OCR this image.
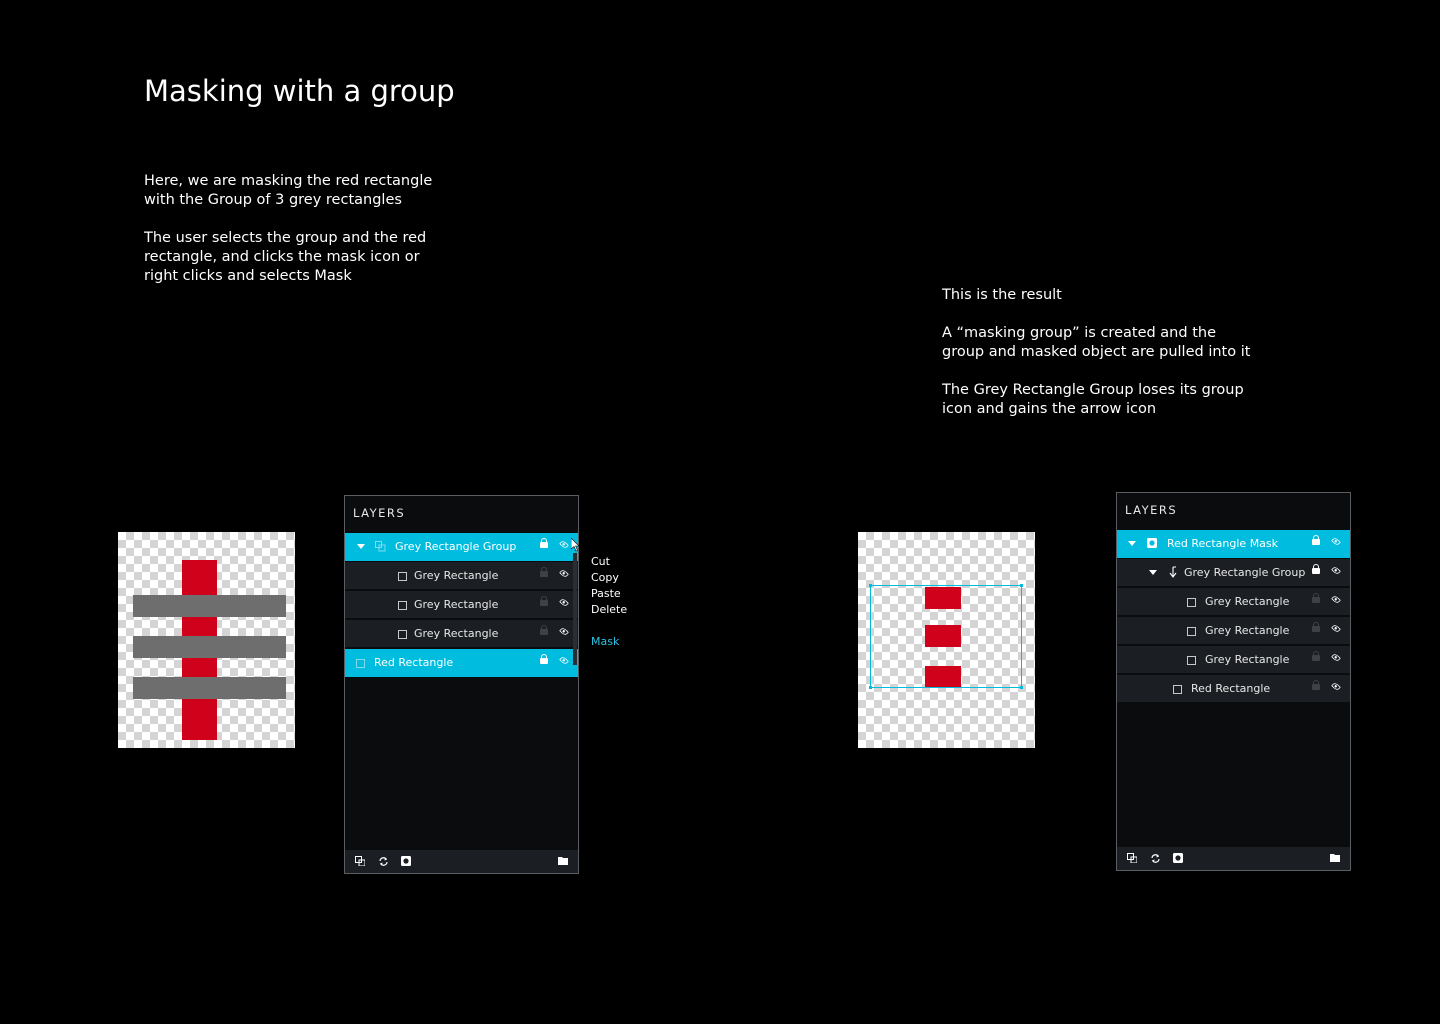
Masking with a group

Here, we are masking the red rectangle with the Group of 3 grey rectangles

The user selects the group and the red rectangle, and clicks the mask icon or right clicks and selects Mask

This is the result

A “masking group” is created and the group and masked object are pulled into it

The Grey Rectangle Group loses its group icon and gains the arrow icon

LAYERS
Grey Rectangle Group
Grey Rectangle
Grey Rectangle
Grey Rectangle
Red Rectangle
Cut
Copy
Paste
Delete
Mask
LAYERS
Red Rectangle Mask
Grey Rectangle Group
Grey Rectangle
Grey Rectangle
Grey Rectangle
Red Rectangle
